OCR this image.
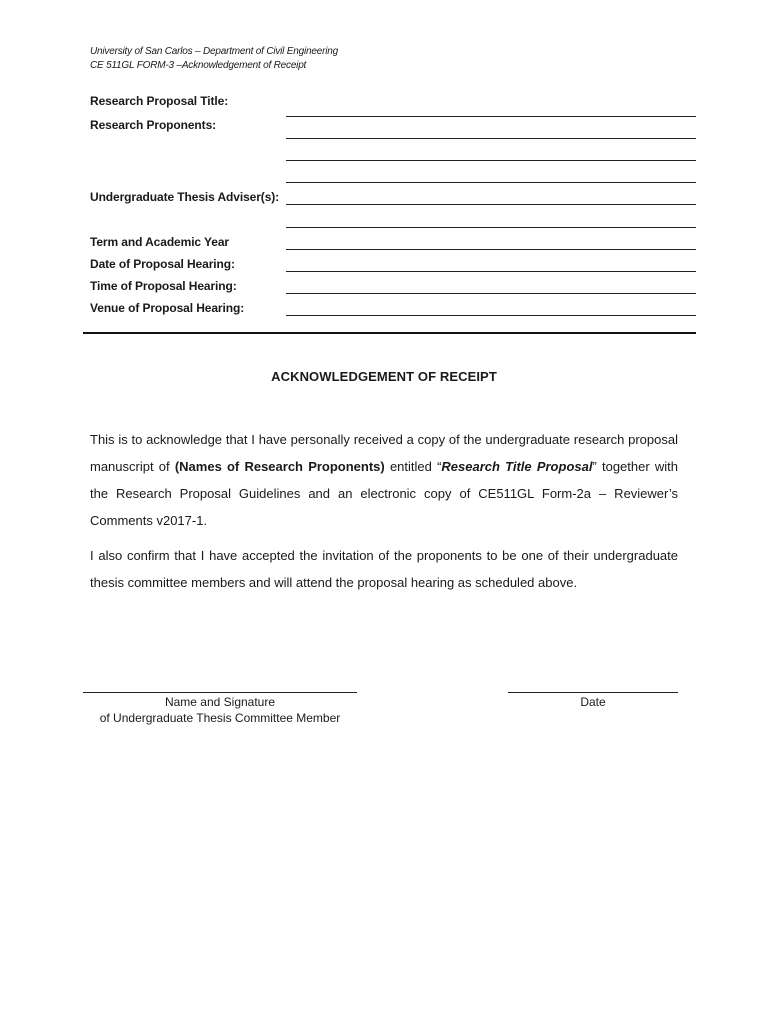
University of San Carlos – Department of Civil Engineering
CE 511GL FORM-3 –Acknowledgement of Receipt
Research Proposal Title:
Research Proponents:
Undergraduate Thesis Adviser(s):
Term and Academic Year
Date of Proposal Hearing:
Time of Proposal Hearing:
Venue of Proposal Hearing:
ACKNOWLEDGEMENT OF RECEIPT
This is to acknowledge that I have personally received a copy of the undergraduate research proposal manuscript of (Names of Research Proponents) entitled “Research Title Proposal” together with the Research Proposal Guidelines and an electronic copy of CE511GL Form-2a – Reviewer’s Comments v2017-1.
I also confirm that I have accepted the invitation of the proponents to be one of their undergraduate thesis committee members and will attend the proposal hearing as scheduled above.
Name and Signature
of Undergraduate Thesis Committee Member
Date
